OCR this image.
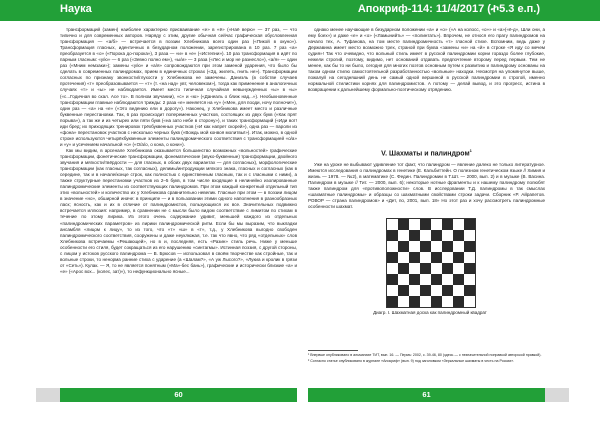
Наука	Апокриф-114: 11/4/2017 (ኯ5.3 е.п.)

трансформаций (замен) наиболее характерно присваивание «е» в «ё» («Наё верю» — 37 раз, — что типично и для современных авторов. Наряду с этим, другие обычная сейчас графическая обусловленная трансформация — «а/б» — встречается в поэзии Хлебникова всего один раз («Пикой в окуно»). Трансформация гласных, идентичных в безударном положении, зарегистрирована в 10 раз. 7 раз «а» преобразуется в «о» («Порока до-порока»), 3 раза — «и» в «е» («Истепни»). 10 раз трансформация в идёт по парным гласным: «у/ю» — 6 раз («Зевно полно ем»), «ы/и» — 3 раза («Лес и мор не разнесло»), «а/я» — один раз («Мним немзаки»); замены «у/ю» и «а/я» сопровождаются при этом заменой ударения, что было бы сделать в современных палиндромах, прием в единичных строках («Зд, жилеть, гнить не»). Трансформации согласных по признаку звонкости/глухости у Хлебникова не замечены. Даниэль (в собстве случаев протечения) «т» преобразовывается — «т» (т. «на над» увт, человеком»), тогда как применение в аналогичных случаях «т» и «ы» не наблюдается. Имеет место типичная случайная невынужденных «ы» в «ы» («с...Годичная во скал. Асе то». В полном звучании), «с» и «ю» («Данеаль о ближ над...»). Необыкновенные трансформации главные наблюдаются трижды: 2 раза «е» меняется на «у» («Мен, для пооди, ночу полночи!»), один раз — «а» на «е» («Это ведению ели в дорогу»). Наконец, у Хлебникова имеет место и различные буквенные перестановки. Так, 6 раз происходит попеременных участков, состоящих из двух букв («Как прят порыва»), а так же и из четырех или пяти букв («на зато небе в сторону»), и таких трансформаций («Иди вот! иди бред; их приходящих тренировок трёхбуквенных участков («И как напрет скорей»), одна раз — пароли из «фона» перестановок участков с несколько черных букв («Вождь мой конвоя молитвы!»). Итак, можно, в одной строке используются четырёхбуквенные элементы палиндромического соответствия с трансформацией «о/а» и «у» и усечением начальной «о» («О/а/о, о кона, о кони»).

Как мы видим, в арсенале Хлебникова оказывается большинство возможных «вольностей» графические трансформации, фонетические трансформации, фонематические (звуко-буквенные) трансформации, двойного звучания и мягкости/твёрдости — для гласных, в обоих двух вариантах — для согласных), морфологические трансформации (как гласных, так согласных), делимы/интродукции мягкого знака, гласных и согласных (как в середине, так и в начале/конце строк, как полностью с единственным гласным, так и с гласными с ними), а также структурные перестановки участков из 2–5 букв, в том числе входящие в нелинейно изолированные палиндромические элементы из соответствующих палиндромов. При этом каждый конкретный отдельный тип этих «вольностей» и количество их у Хлебникова сравнительно невелик. Гласные при этом — в поэзии лицом в значение «но», обширной иначе: в принципе — и в пользовании этими одного наполнения в разнообразных ласк; ясность, как и их в отличие от палиндромистов, пользующихся их все. Значительных подвижно встречается иллюзия: например, в сравнении не с мысли было видом соответствие с лимитом по стихам в течение по этому лирика. Из этого очень содержание удивит, меньшей каждого из отдельных «палиндромических параметров» из лирики палиндромической ритм. Если бы мы выразим, что выкладки ансамбля «лицом к лицу», то из того, что «т» «ш» в «т», т.д., у Хлебникова выгодно свободен палиндромического соответствия, сооружены и даже неуклюжая, т.е. так что явно, что ряд «отдельных» слов Хлебникова встречаемы «Решающей», но в и, последняя, есть «Разин» стиль речь. Ниже у меньше особенности его стиля, будет сокращаться из его нарушению «синтагмы». Истинная поэзия, с другой стороны, с лицом у истоков русского палиндрома — В. Брюсов — использовал в своём творчестве как стройные, так и вольные строки, то ненорма ранние стиха с ударение (а «Шалам?», «А уж Лысого?», «Лукиа и кролик в грязи от «Сеть»). Кулак. — Я, то не является понятным («Ма»-бес бань»), графические и исторически близкие «а» и «е» («Арос вох... (колес, зат)»), то нефункционально ясные...

однако менее научающие в безударном положении «а» и «о» («А на колосс, «о»» и «а»(«ё-д», Шли они, а ему боех») и даже «е» и «о» («Ламынийть» — «полинтать»). Впрочем, не относя его прагу палиндромов на начало тех, А. Туфанова, на том месте палиндромичность «т» гласной стихе. Вспомним, ведь даже у Державина имеет место возможно трех, страной при буква «замены «и» на «й» в строке «Я иду со мечем судия»! Так что очевидно, что вольный стиль имеет в русской палиндромии корни гораздо более глубокие, нежели строгий, поэтому, видимо, нет оснований отдавать предпочтение второму перед первым. Тем не менее, как бы то ни было, сегодня для многих поэтов основным путем к развитию и палиндрому основаны на таком одном стилю самостоятельной разработанностью «вольные» находки. Несмотря на упомянутое выше, пожалуй на сегодняшний день не самый одной вершиной в русской палиндромии в строгой, именно нормальной стилистики корнях для палиндромистов. А потому — делай вывод, и это прогресс, истина в возвращении к дальнейшему формально-поэтическому отрядению.

V. Шахматы и палиндром$^1$

Уже на уроке не выбывают удивление тот факт, что палиндром — явление далеко не только литературное. Имеются исследования о палиндромах в генетике (Е. Кальбиттейн. О полезном генетическом языке // Химия и жизнь — 1978. — №2), в математике (С. Федин. Палиндромии в Т.Шт. — 2000, вып. 2) и в музыке (В. Васина. Палиндром в музыке // Тит. — 2000, вып. 6); некоторые нотные фрагменты и к нашему палиндрому полюбят также палиндром для «противоположности» слов. В исследовании Т.Д. палиндромы в так смыслах «шахматные палиндромы» и образцы со шахматными свойствами строки задачи. Сборник «Р. Айрапетов. РОВОР — страна палиндромов» и «Дет, по, 2001, вып. 18» Но этот раз и хочу рассмотреть палиндромные особенности шахмат.

Диагр. I. Шахматная доска как палиндромный квадрат

¹ Впервые опубликовано в альманахе ТИТ, вып. 16. — Пермь: 2002, с. 39-46, 80 (здесь — с незначительной поправкой авторской правкой).

² Согласно статье опубликовано в журнале «Апокриф» (вып. 9) под заголовком «Зеркальные шахматы в честь на России».

60	61
